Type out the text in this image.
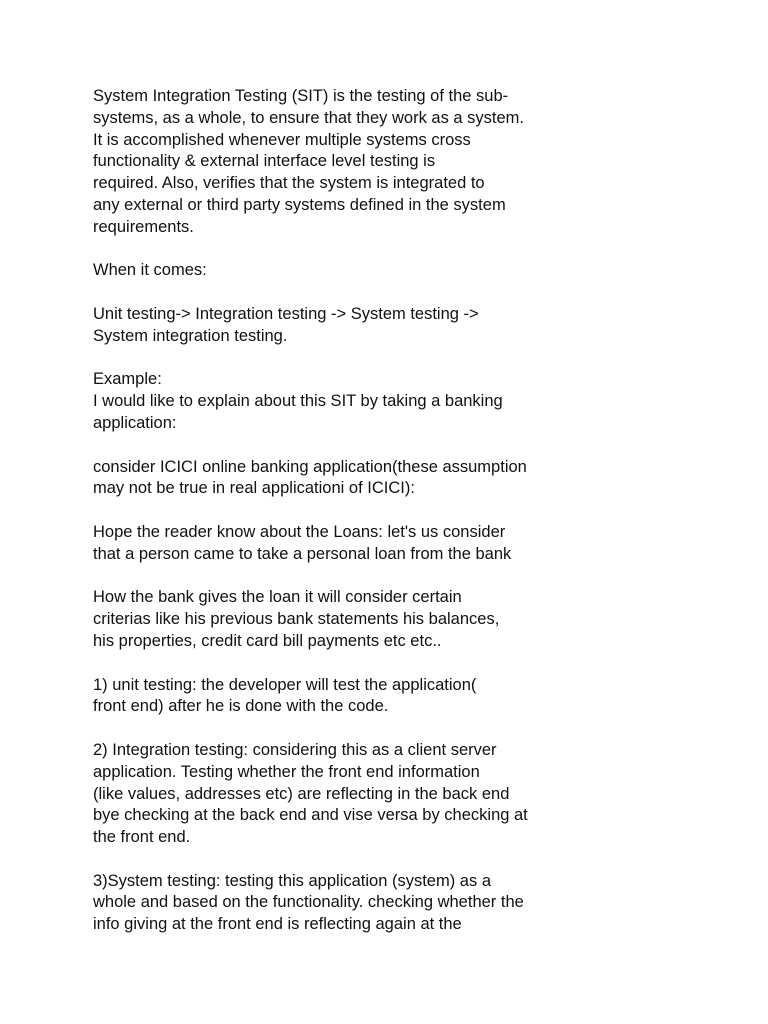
System Integration Testing (SIT) is the testing of the sub-
systems, as a whole, to ensure that they work as a system.
It is accomplished whenever multiple systems cross
functionality & external interface level testing is
required. Also, verifies that the system is integrated to
any external or third party systems defined in the system
requirements.

When it comes:

Unit testing-> Integration testing -> System testing ->
System integration testing.

Example:
I would like to explain about this SIT by taking a banking
application:

consider ICICI online banking application(these assumption
may not be true in real applicationi of ICICI):

Hope the reader know about the Loans: let's us consider
that a person came to take a personal loan from the bank

How the bank gives the loan it will consider certain
criterias like his previous bank statements his balances,
his properties, credit card bill payments etc etc..

1) unit testing: the developer will test the application(
front end) after he is done with the code.

2) Integration testing: considering this as a client server
application. Testing whether the front end information
(like values, addresses etc) are reflecting in the back end
bye checking at the back end and vise versa by checking at
the front end.

3)System testing: testing this application (system) as a
whole and based on the functionality. checking whether the
info giving at the front end is reflecting again at the
